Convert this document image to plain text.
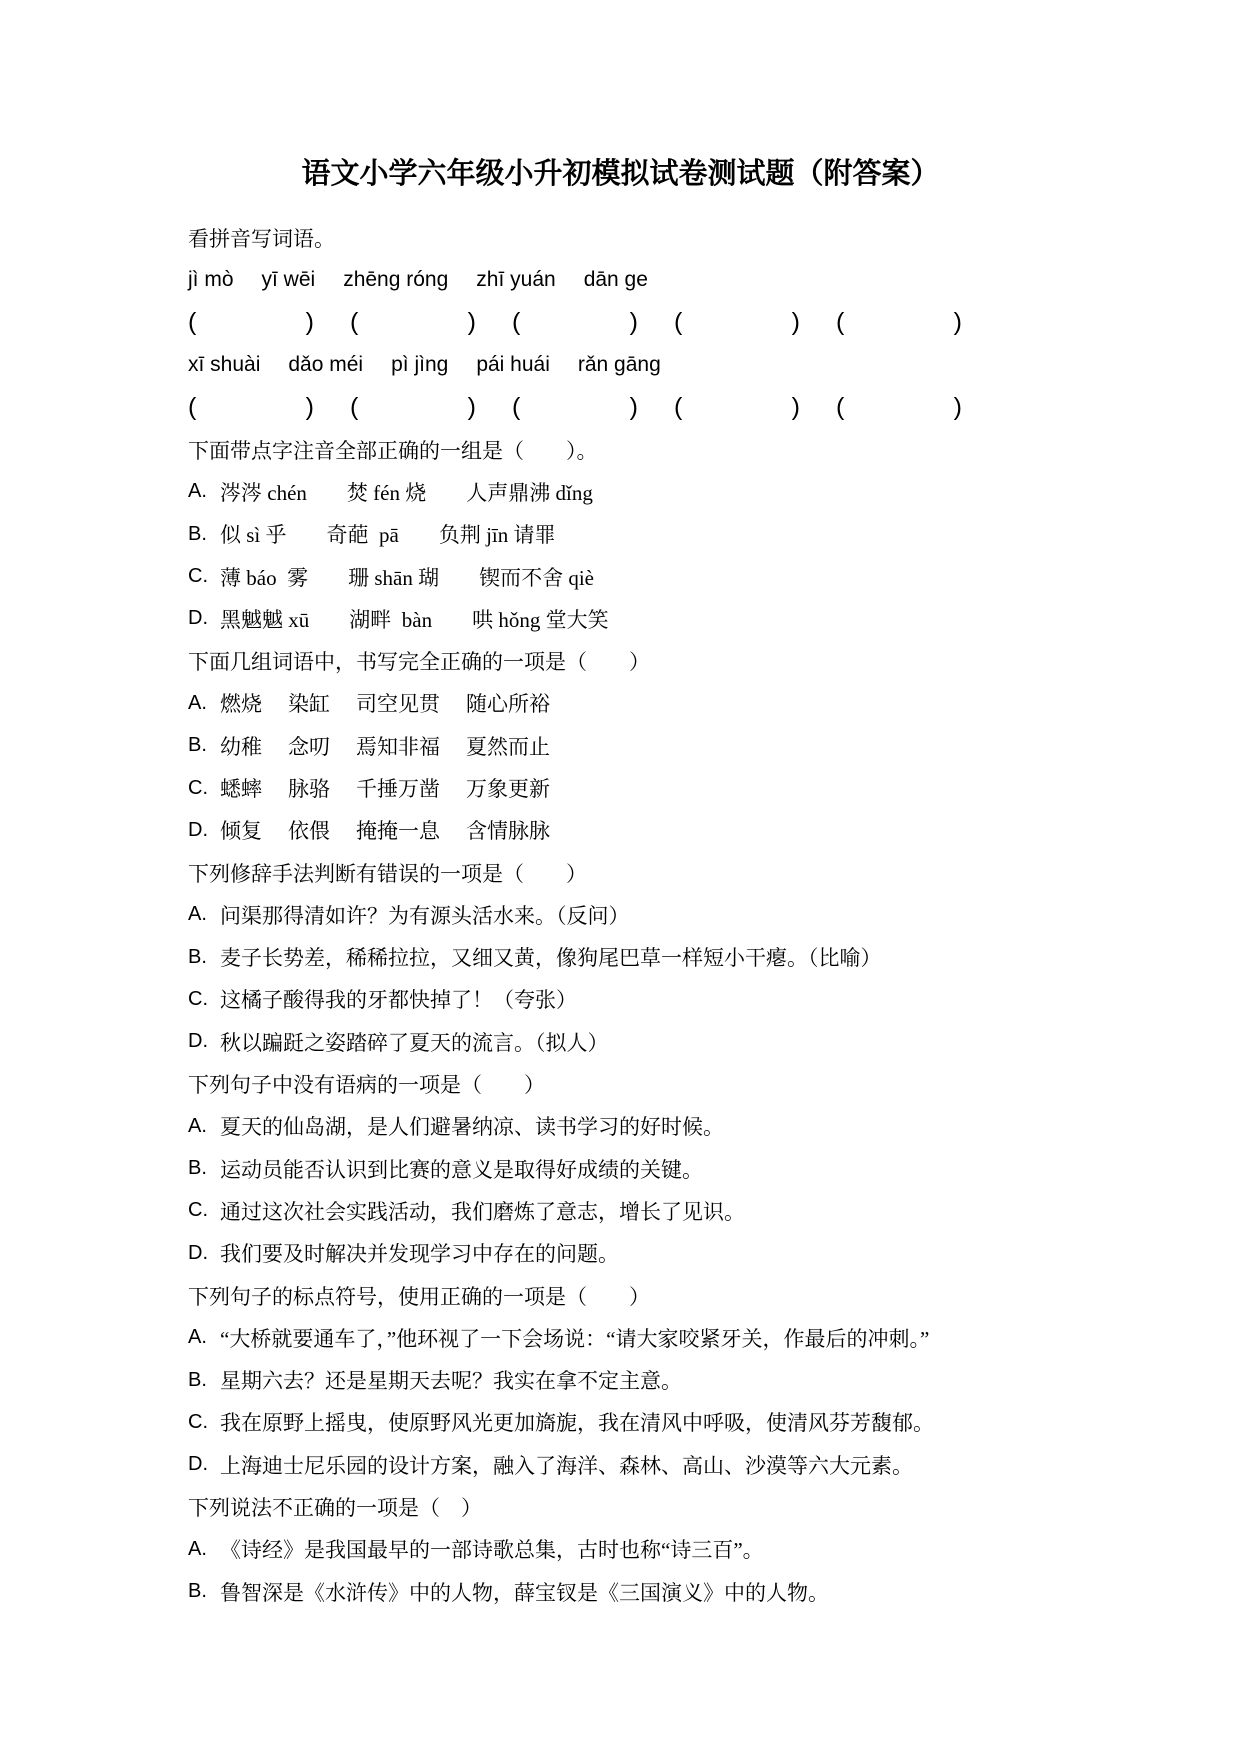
语文小学六年级小升初模拟试卷测试题（附答案）
看拼音写词语。
jì mò yī wēi zhēng róng zhī yuán dān ge
(	) (	) (	) (	) (	)
xī shuài dǎo méi pì jìng pái huái rǎn gāng
(	) (	) (	) (	) (	)
下面带点字注音全部正确的一组是（　　）。
A. 涔涔 chén 焚 fén 烧 人声鼎沸 dǐng
B. 似 sì 乎 奇葩  pā 负荆 jīn 请罪
C. 薄 báo  雾 珊 shān 瑚 锲而不舍 qiè
D. 黑魆魆 xū 湖畔  bàn 哄 hǒng 堂大笑
下面几组词语中，书写完全正确的一项是（　　）
A. 燃烧 染缸 司空见贯 随心所裕
B. 幼稚 念叨 焉知非福 夏然而止
C. 蟋蟀 脉骆 千捶万凿 万象更新
D. 倾复 依偎 掩掩一息 含情脉脉
下列修辞手法判断有错误的一项是（　　）
A. 问渠那得清如许？为有源头活水来。（反问）
B. 麦子长势差，稀稀拉拉，又细又黄，像狗尾巴草一样短小干瘪。（比喻）
C. 这橘子酸得我的牙都快掉了！（夸张）
D. 秋以蹁跹之姿踏碎了夏天的流言。（拟人）
下列句子中没有语病的一项是（　　）
A. 夏天的仙岛湖，是人们避暑纳凉、读书学习的好时候。
B. 运动员能否认识到比赛的意义是取得好成绩的关键。
C. 通过这次社会实践活动，我们磨炼了意志，增长了见识。
D. 我们要及时解决并发现学习中存在的问题。
下列句子的标点符号，使用正确的一项是（　　）
A. “大桥就要通车了，”他环视了一下会场说：“请大家咬紧牙关，作最后的冲刺。”
B. 星期六去？还是星期天去呢？我实在拿不定主意。
C. 我在原野上摇曳，使原野风光更加旖旎，我在清风中呼吸，使清风芬芳馥郁。
D. 上海迪士尼乐园的设计方案，融入了海洋、森林、高山、沙漠等六大元素。
下列说法不正确的一项是（　）
A. 《诗经》是我国最早的一部诗歌总集，古时也称“诗三百”。
B. 鲁智深是《水浒传》中的人物，薛宝钗是《三国演义》中的人物。
